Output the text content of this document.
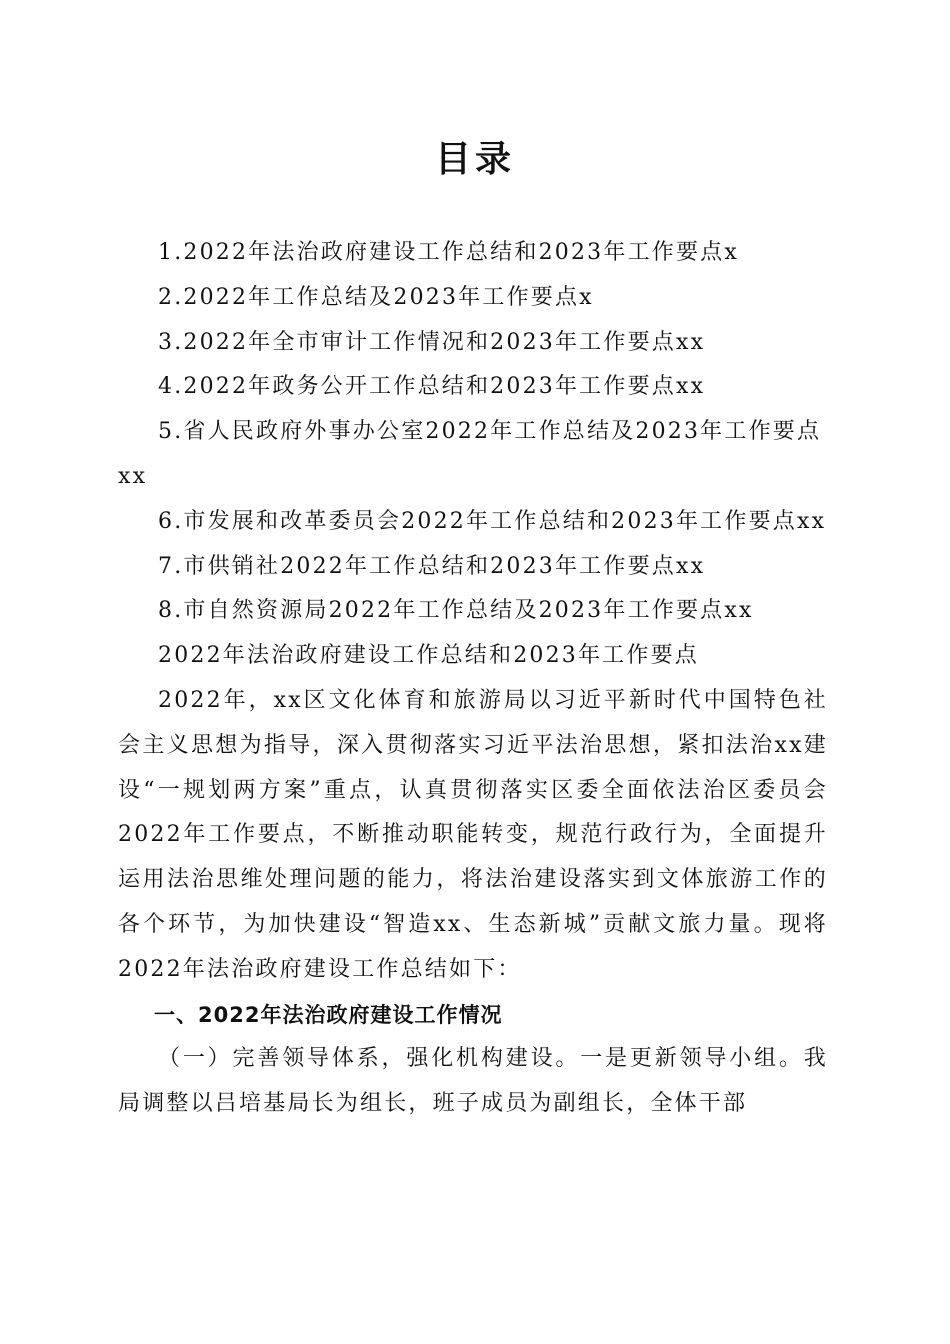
目录

1.2022年法治政府建设工作总结和2023年工作要点x

2.2022年工作总结及2023年工作要点x

3.2022年全市审计工作情况和2023年工作要点xx

4.2022年政务公开工作总结和2023年工作要点xx

5.省人民政府外事办公室2022年工作总结及2023年工作要点xx

6.市发展和改革委员会2022年工作总结和2023年工作要点xx

7.市供销社2022年工作总结和2023年工作要点xx

8.市自然资源局2022年工作总结及2023年工作要点xx

2022年法治政府建设工作总结和2023年工作要点

2022年，xx区文化体育和旅游局以习近平新时代中国特色社会主义思想为指导，深入贯彻落实习近平法治思想，紧扣法治xx建设“一规划两方案”重点，认真贯彻落实区委全面依法治区委员会2022年工作要点，不断推动职能转变，规范行政行为，全面提升运用法治思维处理问题的能力，将法治建设落实到文体旅游工作的各个环节，为加快建设“智造xx、生态新城”贡献文旅力量。现将2022年法治政府建设工作总结如下：

一、2022年法治政府建设工作情况

（一）完善领导体系，强化机构建设。一是更新领导小组。我局调整以吕培基局长为组长，班子成员为副组长，全体干部
